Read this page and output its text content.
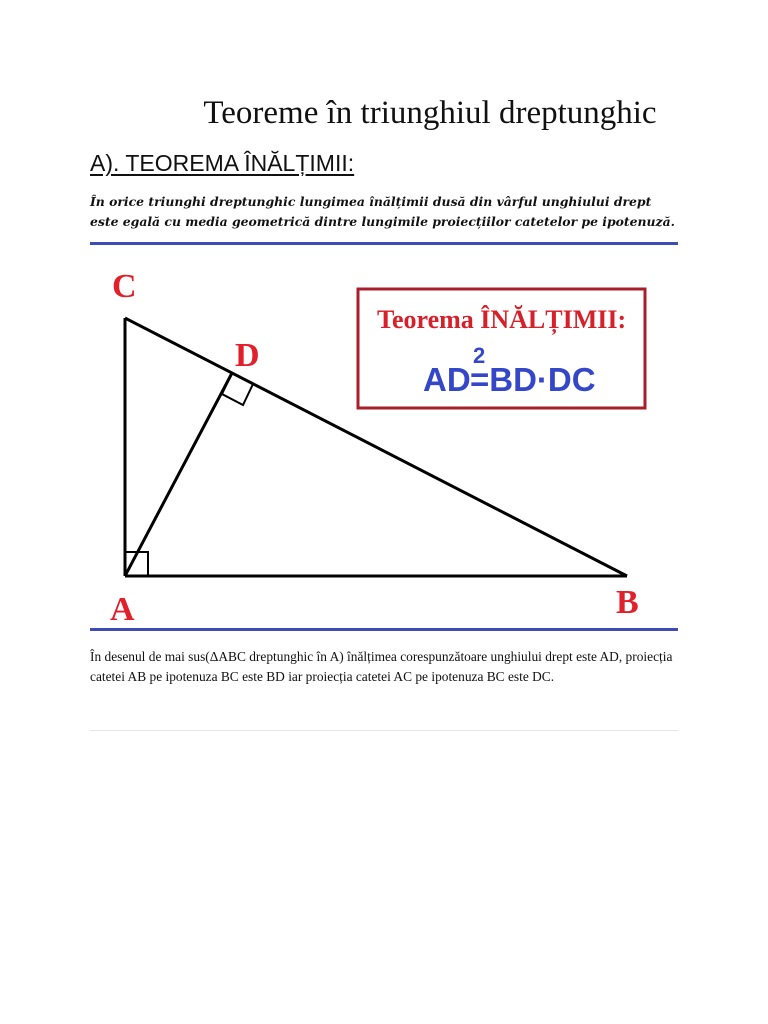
Teoreme în triunghiul dreptunghic
A). TEOREMA ÎNĂLȚIMII:
În orice triunghi dreptunghic lungimea înălțimii dusă din vârful unghiului drept este egală cu media geometrică dintre lungimile proiecțiilor catetelor pe ipotenuză.
C
D
A	B
Teorema ÎNĂLȚIMII:
AD
2
=BD·DC
În desenul de mai sus(ΔABC dreptunghic în A) înălțimea corespunzătoare unghiului drept este AD, proiecția catetei AB pe ipotenuza BC este BD iar proiecția catetei AC pe ipotenuza BC este DC.
